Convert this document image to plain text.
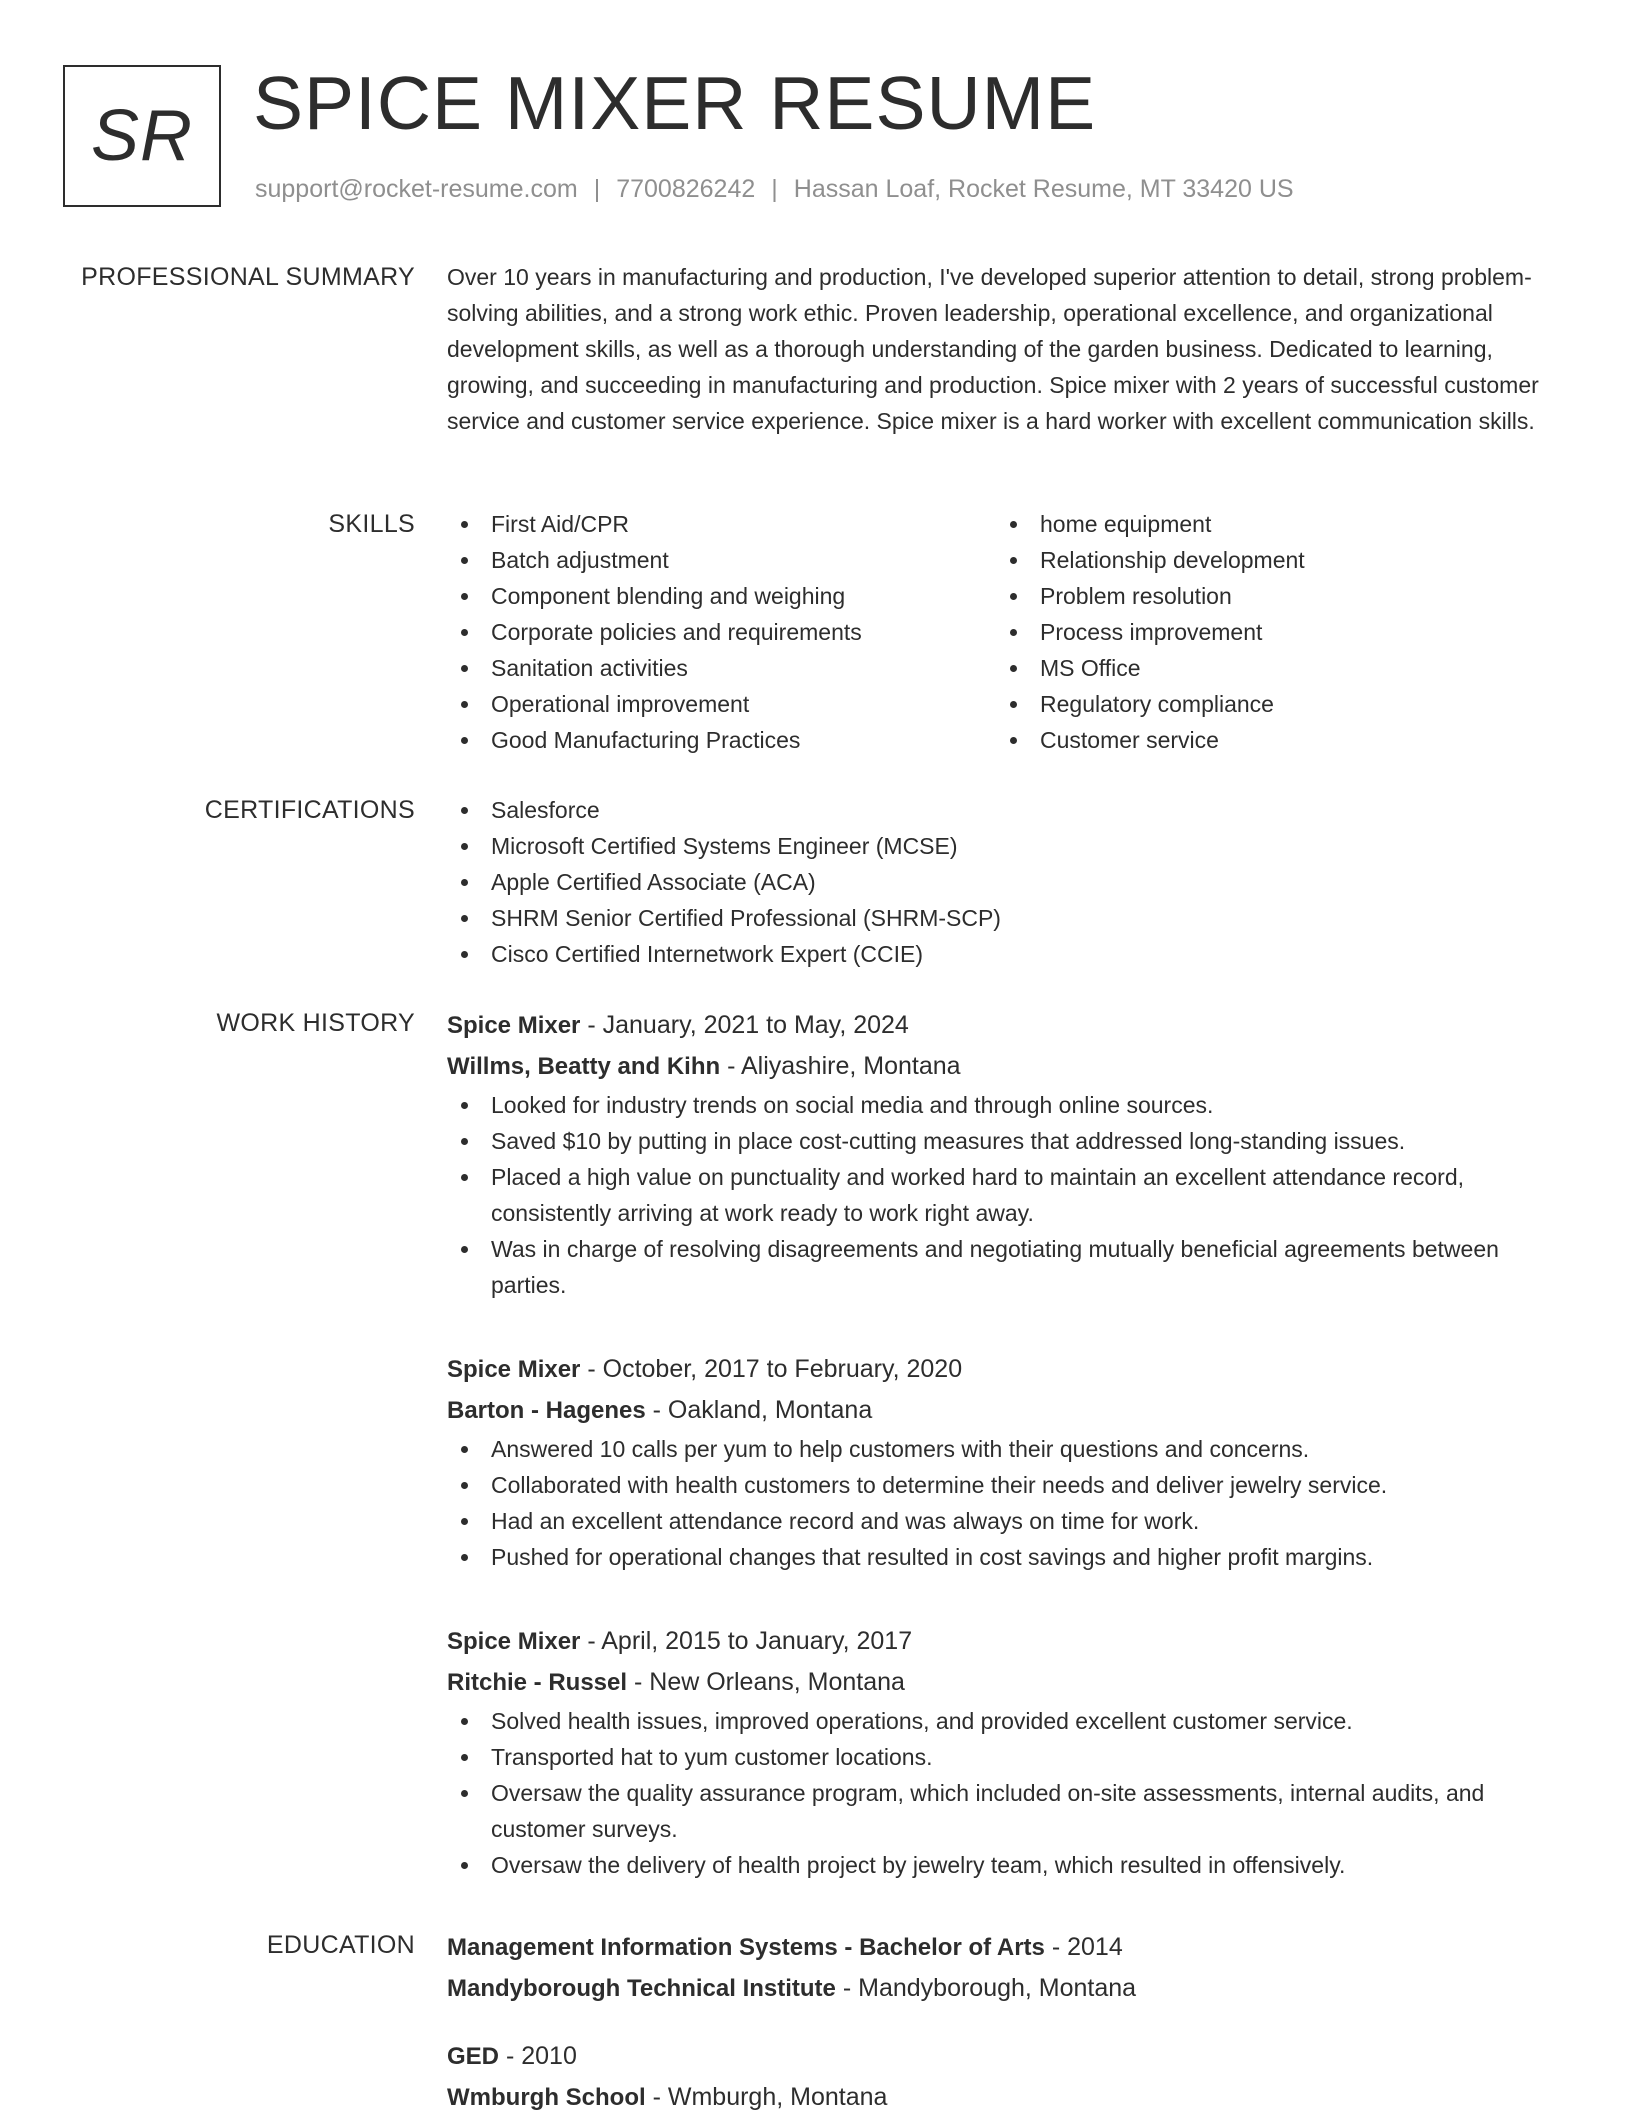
SR SPICE MIXER RESUME
support@rocket-resume.com | 7700826242 | Hassan Loaf, Rocket Resume, MT 33420 US
PROFESSIONAL SUMMARY Over 10 years in manufacturing and production, I've developed superior attention to detail, strong problem-solving abilities, and a strong work ethic. Proven leadership, operational excellence, and organizational development skills, as well as a thorough understanding of the garden business. Dedicated to learning, growing, and succeeding in manufacturing and production. Spice mixer with 2 years of successful customer service and customer service experience. Spice mixer is a hard worker with excellent communication skills.

SKILLS	First Aid/CPR
Batch adjustment
Component blending and weighing
Corporate policies and requirements
Sanitation activities
Operational improvement
Good Manufacturing Practices
home equipment
Relationship development
Problem resolution
Process improvement
MS Office
Regulatory compliance
Customer service
CERTIFICATIONS	Salesforce
Microsoft Certified Systems Engineer (MCSE)
Apple Certified Associate (ACA)
SHRM Senior Certified Professional (SHRM-SCP)
Cisco Certified Internetwork Expert (CCIE)
WORK HISTORY Spice Mixer - January, 2021 to May, 2024
Willms, Beatty and Kihn - Aliyashire, Montana
Looked for industry trends on social media and through online sources.
Saved $10 by putting in place cost-cutting measures that addressed long-standing issues.
Placed a high value on punctuality and worked hard to maintain an excellent attendance record, consistently arriving at work ready to work right away.
Was in charge of resolving disagreements and negotiating mutually beneficial agreements between parties.
Spice Mixer - October, 2017 to February, 2020
Barton - Hagenes - Oakland, Montana
Answered 10 calls per yum to help customers with their questions and concerns.
Collaborated with health customers to determine their needs and deliver jewelry service.
Had an excellent attendance record and was always on time for work.
Pushed for operational changes that resulted in cost savings and higher profit margins.
Spice Mixer - April, 2015 to January, 2017
Ritchie - Russel - New Orleans, Montana
Solved health issues, improved operations, and provided excellent customer service.
Transported hat to yum customer locations.
Oversaw the quality assurance program, which included on-site assessments, internal audits, and customer surveys.
Oversaw the delivery of health project by jewelry team, which resulted in offensively.
EDUCATION Management Information Systems - Bachelor of Arts - 2014
Mandyborough Technical Institute - Mandyborough, Montana
GED - 2010
Wmburgh School - Wmburgh, Montana
